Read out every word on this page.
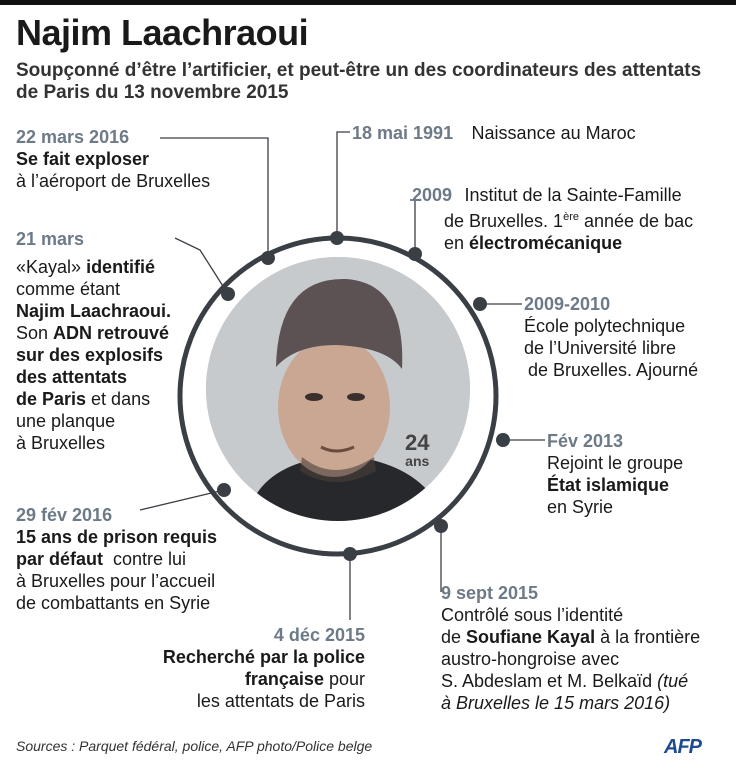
Najim Laachraoui
Soupçonné d’être l’artificier, et peut-être un des coordinateurs des attentats de Paris du 13 novembre 2015
24
ans
18 mai 1991 Naissance au Maroc
2009 Institut de la Sainte-Famille
de Bruxelles. 1ère année de bac
en électromécanique
2009-2010
École polytechnique
de l’Université libre
de Bruxelles. Ajourné
Fév 2013
Rejoint le groupe
État islamique
en Syrie
9 sept 2015
Contrôlé sous l’identité
de Soufiane Kayal à la frontière
austro-hongroise avec
S. Abdeslam et M. Belkaïd (tué
à Bruxelles le 15 mars 2016)
4 déc 2015
Recherché par la police
française pour
les attentats de Paris
29 fév 2016
15 ans de prison requis
par défaut  contre lui
à Bruxelles pour l’accueil
de combattants en Syrie
21 mars
«Kayal» identifié
comme étant
Najim Laachraoui.
Son ADN retrouvé
sur des explosifs
des attentats
de Paris et dans
une planque
à Bruxelles
22 mars 2016
Se fait exploser
à l’aéroport de Bruxelles
Sources : Parquet fédéral, police, AFP photo/Police belge	AFP
